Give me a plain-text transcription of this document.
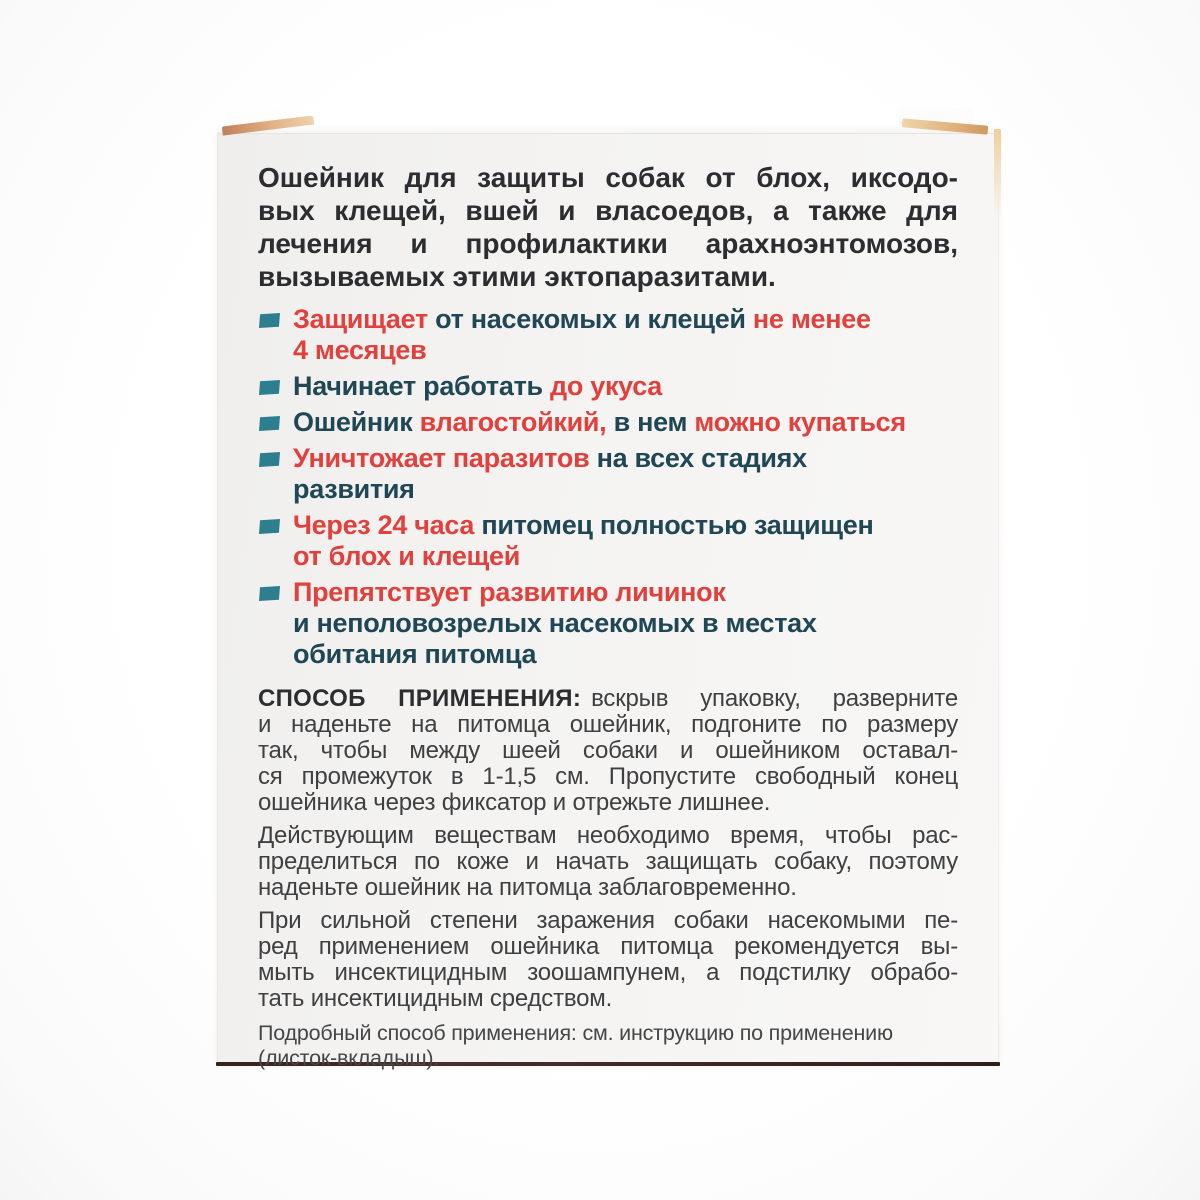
Ошейник для защиты собак от блох, иксодо-
вых клещей, вшей и власоедов, а также для
лечения и профилактики арахноэнтомозов,
вызываемых этими эктопаразитами.
Защищает от насекомых и клещей не менее
4 месяцев
Начинает работать до укуса
Ошейник влагостойкий, в нем можно купаться
Уничтожает паразитов на всех стадиях
развития
Через 24 часа питомец полностью защищен
от блох и клещей
Препятствует развитию личинок
и неполовозрелых насекомых в местах
обитания питомца

СПОСОБ ПРИМЕНЕНИЯ: вскрыв упаковку, разверните
и наденьте на питомца ошейник, подгоните по размеру
так, чтобы между шеей собаки и ошейником оставал-
ся промежуток в 1-1,5 см. Пропустите свободный конец
ошейника через фиксатор и отрежьте лишнее.

Действующим веществам необходимо время, чтобы рас-
пределиться по коже и начать защищать собаку, поэтому
наденьте ошейник на питомца заблаговременно.

При сильной степени заражения собаки насекомыми пе-
ред применением ошейника питомца рекомендуется вы-
мыть инсектицидным зоошампунем, а подстилку обрабо-
тать инсектицидным средством.

Подробный способ применения: см. инструкцию по применению
(листок-вкладыш).
